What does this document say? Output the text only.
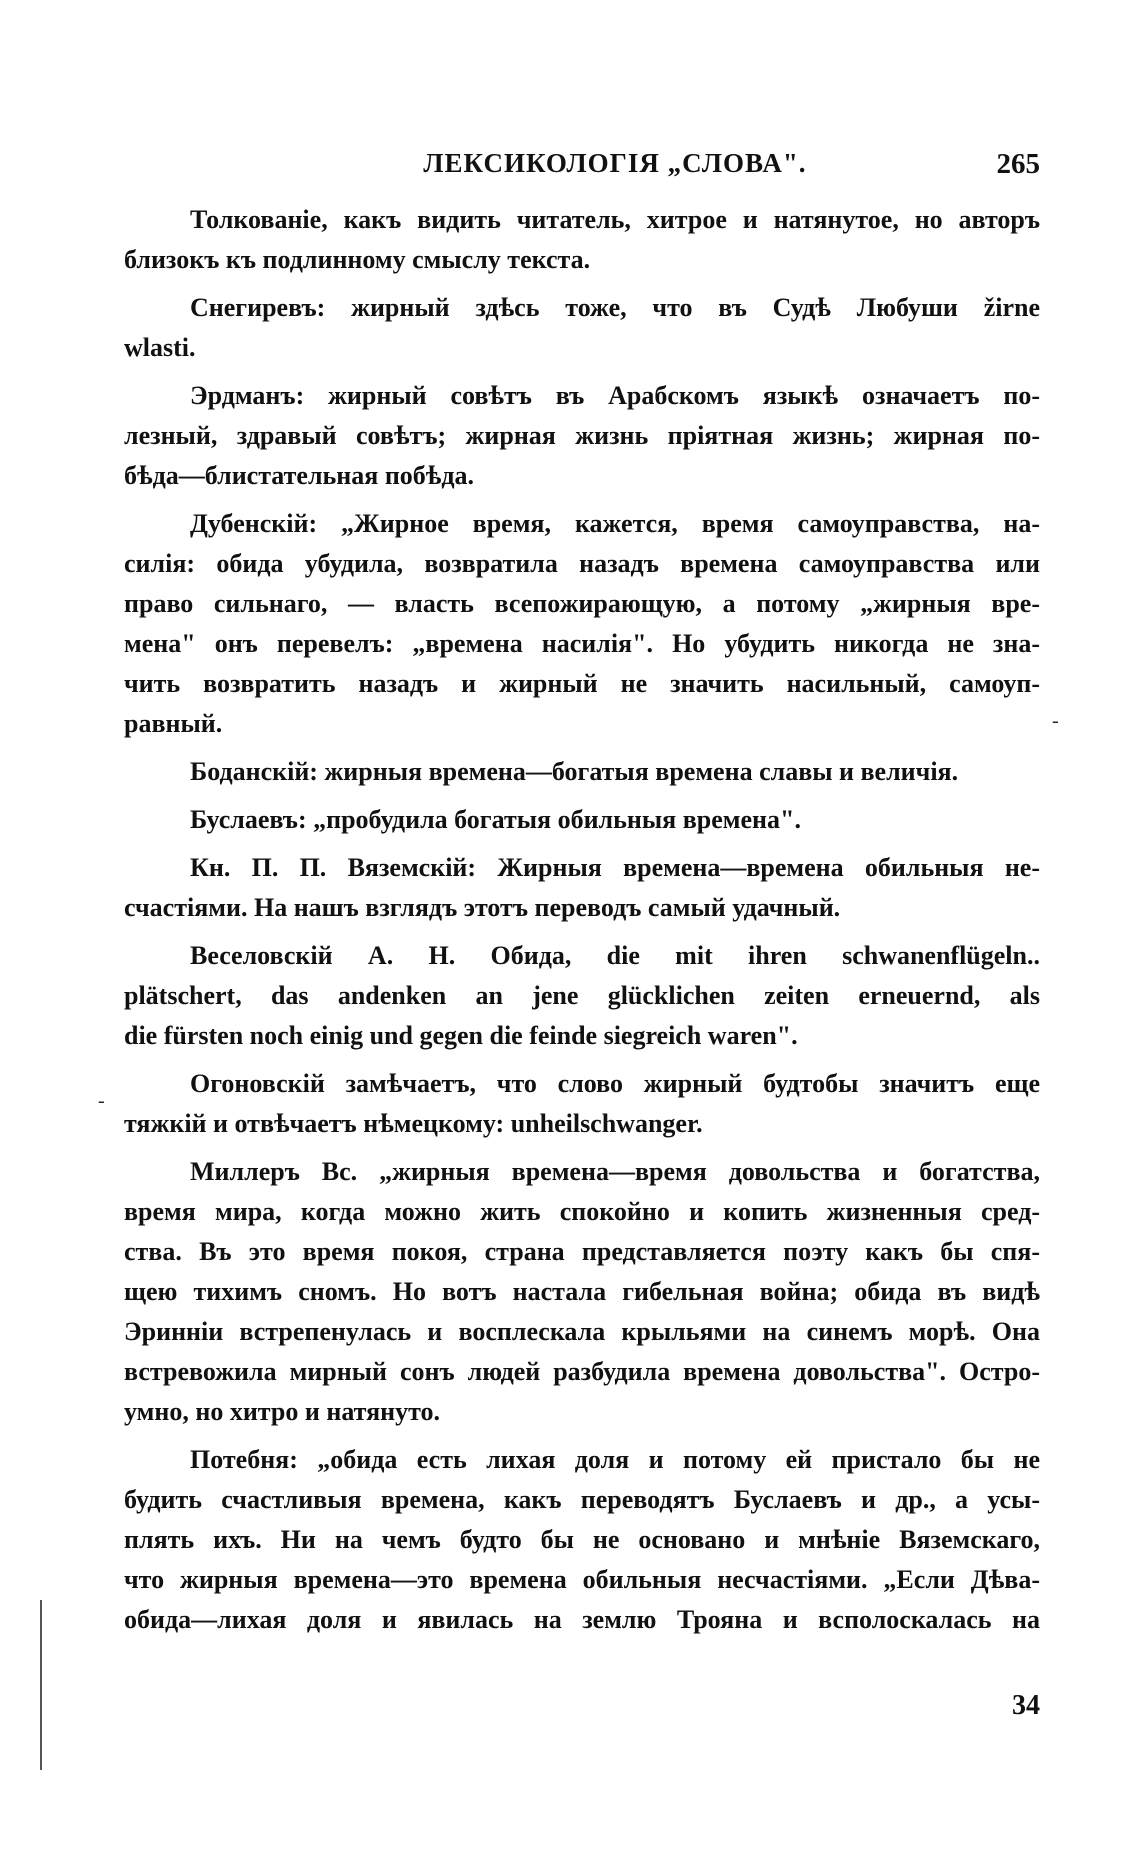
ЛЕКСИКОЛОГІЯ „СЛОВА".	265
Толкованіе, какъ видить читатель, хитрое и натянутое, но авторъ
близокъ къ подлинному смыслу текста.
Снегиревъ: жирный здѣсь тоже, что въ Судѣ Любуши žirne
wlasti.
Эрдманъ: жирный совѣтъ въ Арабскомъ языкѣ означаетъ по-
лезный, здравый совѣтъ; жирная жизнь пріятная жизнь; жирная по-
бѣда—блистательная побѣда.
Дубенскій: „Жирное время, кажется, время самоуправства, на-
силія: обида убудила, возвратила назадъ времена самоуправства или
право сильнаго, — власть всепожирающую, а потому „жирныя вре-
мена" онъ перевелъ: „времена насилія". Но убудить никогда не зна-
чить возвратить назадъ и жирный не значить насильный, самоуп-
равный.
Боданскій: жирныя времена—богатыя времена славы и величія.
Буслаевъ: „пробудила богатыя обильныя времена".
Кн. П. П. Вяземскій: Жирныя времена—времена обильныя не-
счастіями. На нашъ взглядъ этотъ переводъ самый удачный.
Веселовскій А. Н. Обида, die mit ihren schwanenflügeln..
plätschert, das andenken an jene glücklichen zeiten erneuernd, als
die fürsten noch einig und gegen die feinde siegreich waren".
Огоновскій замѣчаетъ, что слово жирный будтобы значитъ еще
тяжкій и отвѣчаетъ нѣмецкому: unheilschwanger.
Миллеръ Вс. „жирныя времена—время довольства и богатства,
время мира, когда можно жить спокойно и копить жизненныя сред-
ства. Въ это время покоя, страна представляется поэту какъ бы спя-
щею тихимъ сномъ. Но вотъ настала гибельная война; обида въ видѣ
Эринніи встрепенулась и восплескала крыльями на синемъ морѣ. Она
встревожила мирный сонъ людей разбудила времена довольства". Остро-
умно, но хитро и натянуто.
Потебня: „обида есть лихая доля и потому ей пристало бы не
будить счастливыя времена, какъ переводятъ Буслаевъ и др., а усы-
плять ихъ. Ни на чемъ будто бы не основано и мнѣніе Вяземскаго,
что жирныя времена—это времена обильныя несчастіями. „Если Дѣва-
обида—лихая доля и явилась на землю Трояна и всполоскалась на
34
-
-
